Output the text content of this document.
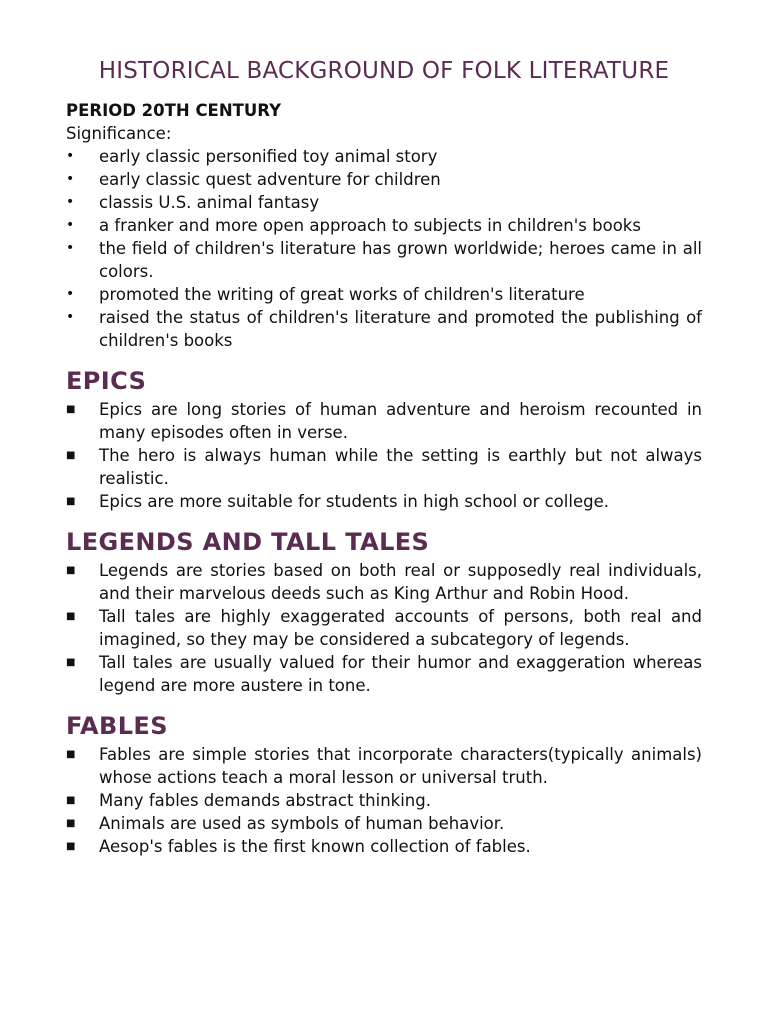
HISTORICAL BACKGROUND OF FOLK LITERATURE

PERIOD 20TH CENTURY

Significance:

• early classic personified toy animal story
• early classic quest adventure for children
• classis U.S. animal fantasy
• a franker and more open approach to subjects in children's books
• the field of children's literature has grown worldwide; heroes came in all colors.
• promoted the writing of great works of children's literature
• raised the status of children's literature and promoted the publishing of children's books
EPICS
■ Epics are long stories of human adventure and heroism recounted in many episodes often in verse.
■ The hero is always human while the setting is earthly but not always realistic.
■ Epics are more suitable for students in high school or college.
LEGENDS AND TALL TALES
■ Legends are stories based on both real or supposedly real individuals, and their marvelous deeds such as King Arthur and Robin Hood.
■ Tall tales are highly exaggerated accounts of persons, both real and imagined, so they may be considered a subcategory of legends.
■ Tall tales are usually valued for their humor and exaggeration whereas legend are more austere in tone.
FABLES
■ Fables are simple stories that incorporate characters(typically animals) whose actions teach a moral lesson or universal truth.
■ Many fables demands abstract thinking.
■ Animals are used as symbols of human behavior.
■ Aesop's fables is the first known collection of fables.
